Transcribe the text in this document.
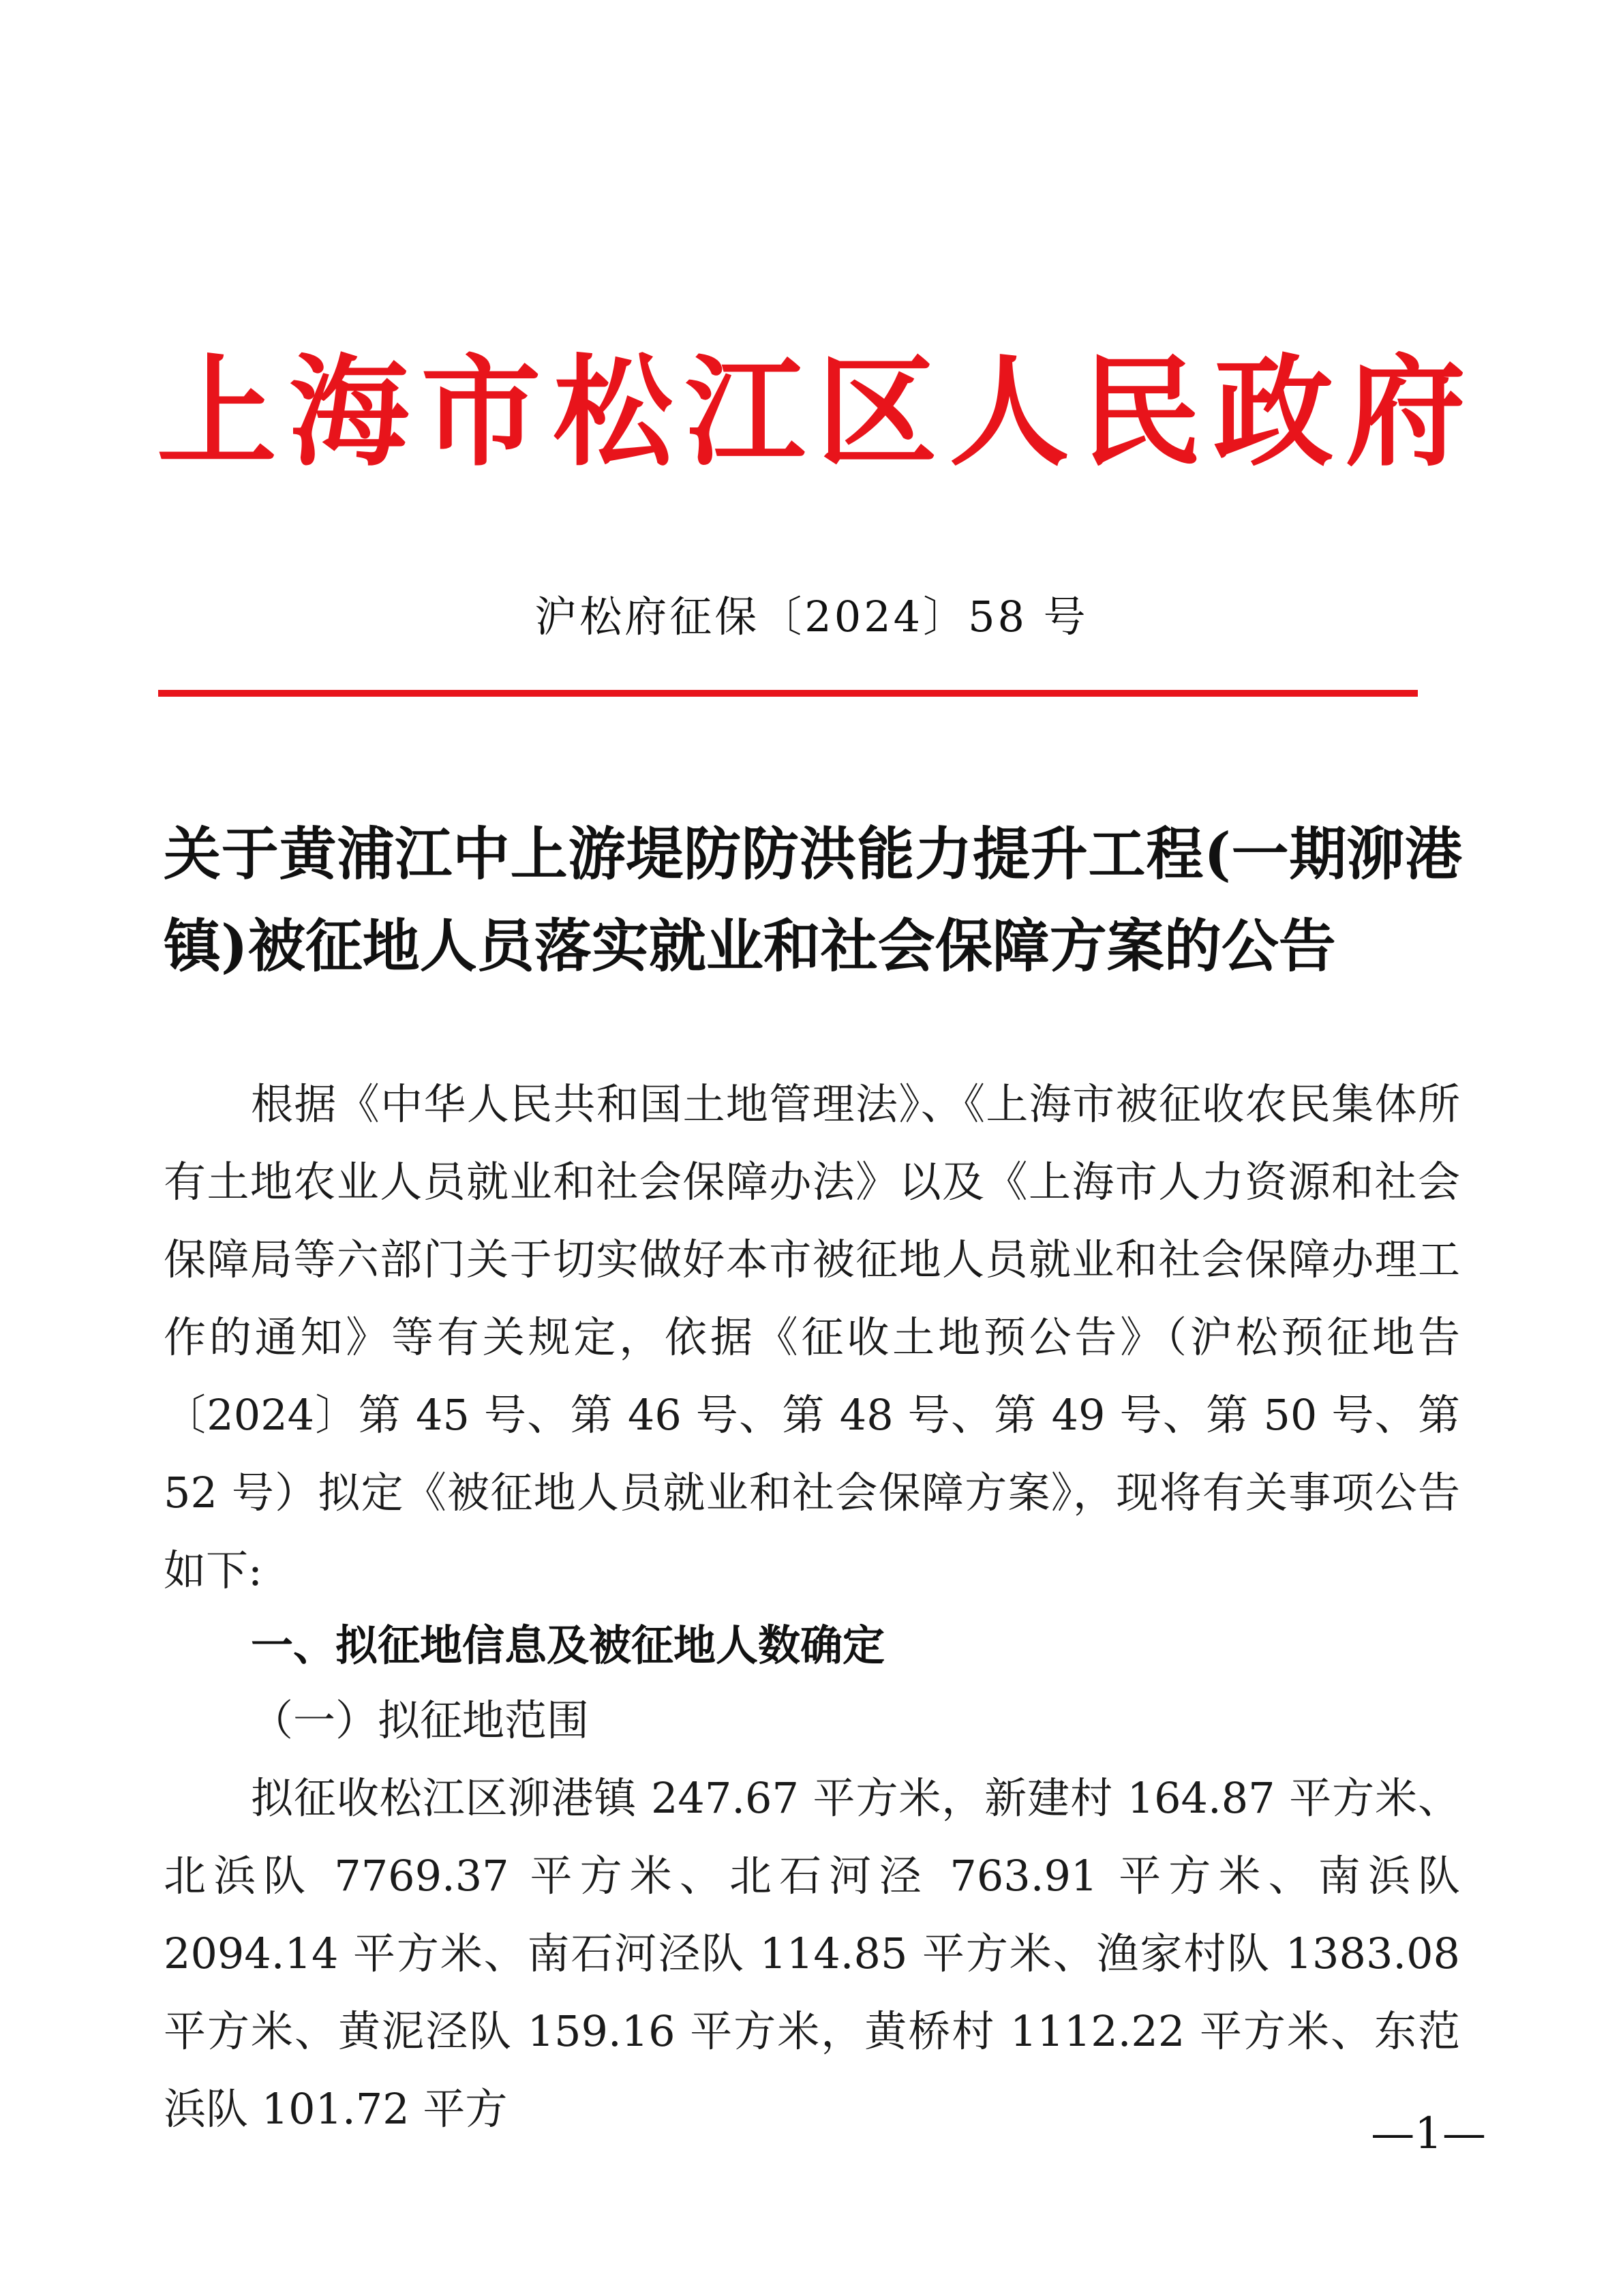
上海市松江区人民政府
沪松府征保〔2024〕58 号
关于黄浦江中上游堤防防洪能力提升工程(一期泖港镇)被征地人员落实就业和社会保障方案的公告

根据《中华人民共和国土地管理法》、《上海市被征收农民集体所有土地农业人员就业和社会保障办法》以及《上海市人力资源和社会保障局等六部门关于切实做好本市被征地人员就业和社会保障办理工作的通知》等有关规定，依据《征收土地预公告》（沪松预征地告〔2024〕第 45 号、第 46 号、第 48 号、第 49 号、第 50 号、第 52 号）拟定《被征地人员就业和社会保障方案》，现将有关事项公告如下:

一、拟征地信息及被征地人数确定

（一）拟征地范围

拟征收松江区泖港镇 247.67 平方米，新建村 164.87 平方米、北浜队 7769.37 平方米、北石河泾 763.91 平方米、南浜队 2094.14 平方米、南石河泾队 114.85 平方米、渔家村队 1383.08 平方米、黄泥泾队 159.16 平方米，黄桥村 1112.22 平方米、东范浜队 101.72 平方	—1—
